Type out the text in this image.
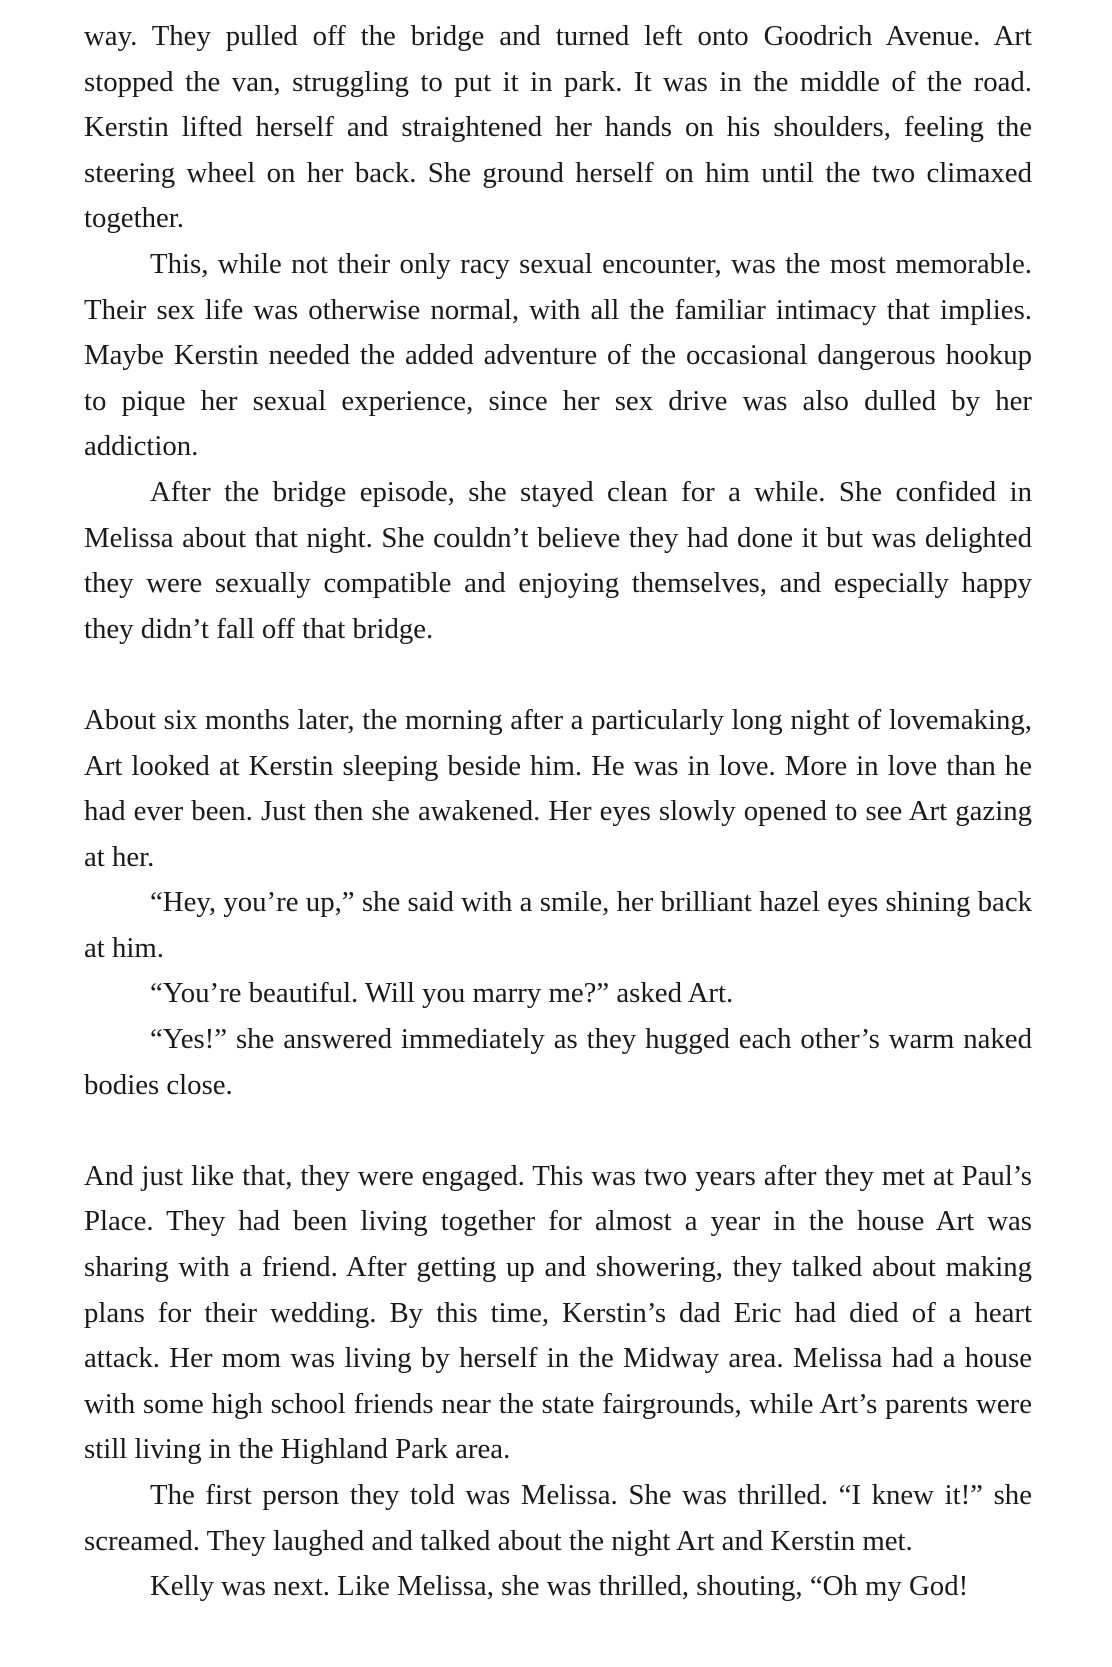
way. They pulled off the bridge and turned left onto Goodrich Avenue. Art stopped the van, struggling to put it in park. It was in the middle of the road. Kerstin lifted herself and straightened her hands on his shoulders, feeling the steering wheel on her back. She ground herself on him until the two climaxed together.

This, while not their only racy sexual encounter, was the most memorable. Their sex life was otherwise normal, with all the familiar intimacy that implies. Maybe Kerstin needed the added adventure of the occasional dangerous hookup to pique her sexual experience, since her sex drive was also dulled by her addiction.

After the bridge episode, she stayed clean for a while. She confided in Melissa about that night. She couldn’t believe they had done it but was delighted they were sexually compatible and enjoying themselves, and especially happy they didn’t fall off that bridge.

About six months later, the morning after a particularly long night of lovemaking, Art looked at Kerstin sleeping beside him. He was in love. More in love than he had ever been. Just then she awakened. Her eyes slowly opened to see Art gazing at her.

“Hey, you’re up,” she said with a smile, her brilliant hazel eyes shining back at him.

“You’re beautiful. Will you marry me?” asked Art.

“Yes!” she answered immediately as they hugged each other’s warm naked bodies close.

And just like that, they were engaged. This was two years after they met at Paul’s Place. They had been living together for almost a year in the house Art was sharing with a friend. After getting up and showering, they talked about making plans for their wedding. By this time, Kerstin’s dad Eric had died of a heart attack. Her mom was living by herself in the Midway area. Melissa had a house with some high school friends near the state fairgrounds, while Art’s parents were still living in the Highland Park area.

The first person they told was Melissa. She was thrilled. “I knew it!” she screamed. They laughed and talked about the night Art and Kerstin met.

Kelly was next. Like Melissa, she was thrilled, shouting, “Oh my God!
